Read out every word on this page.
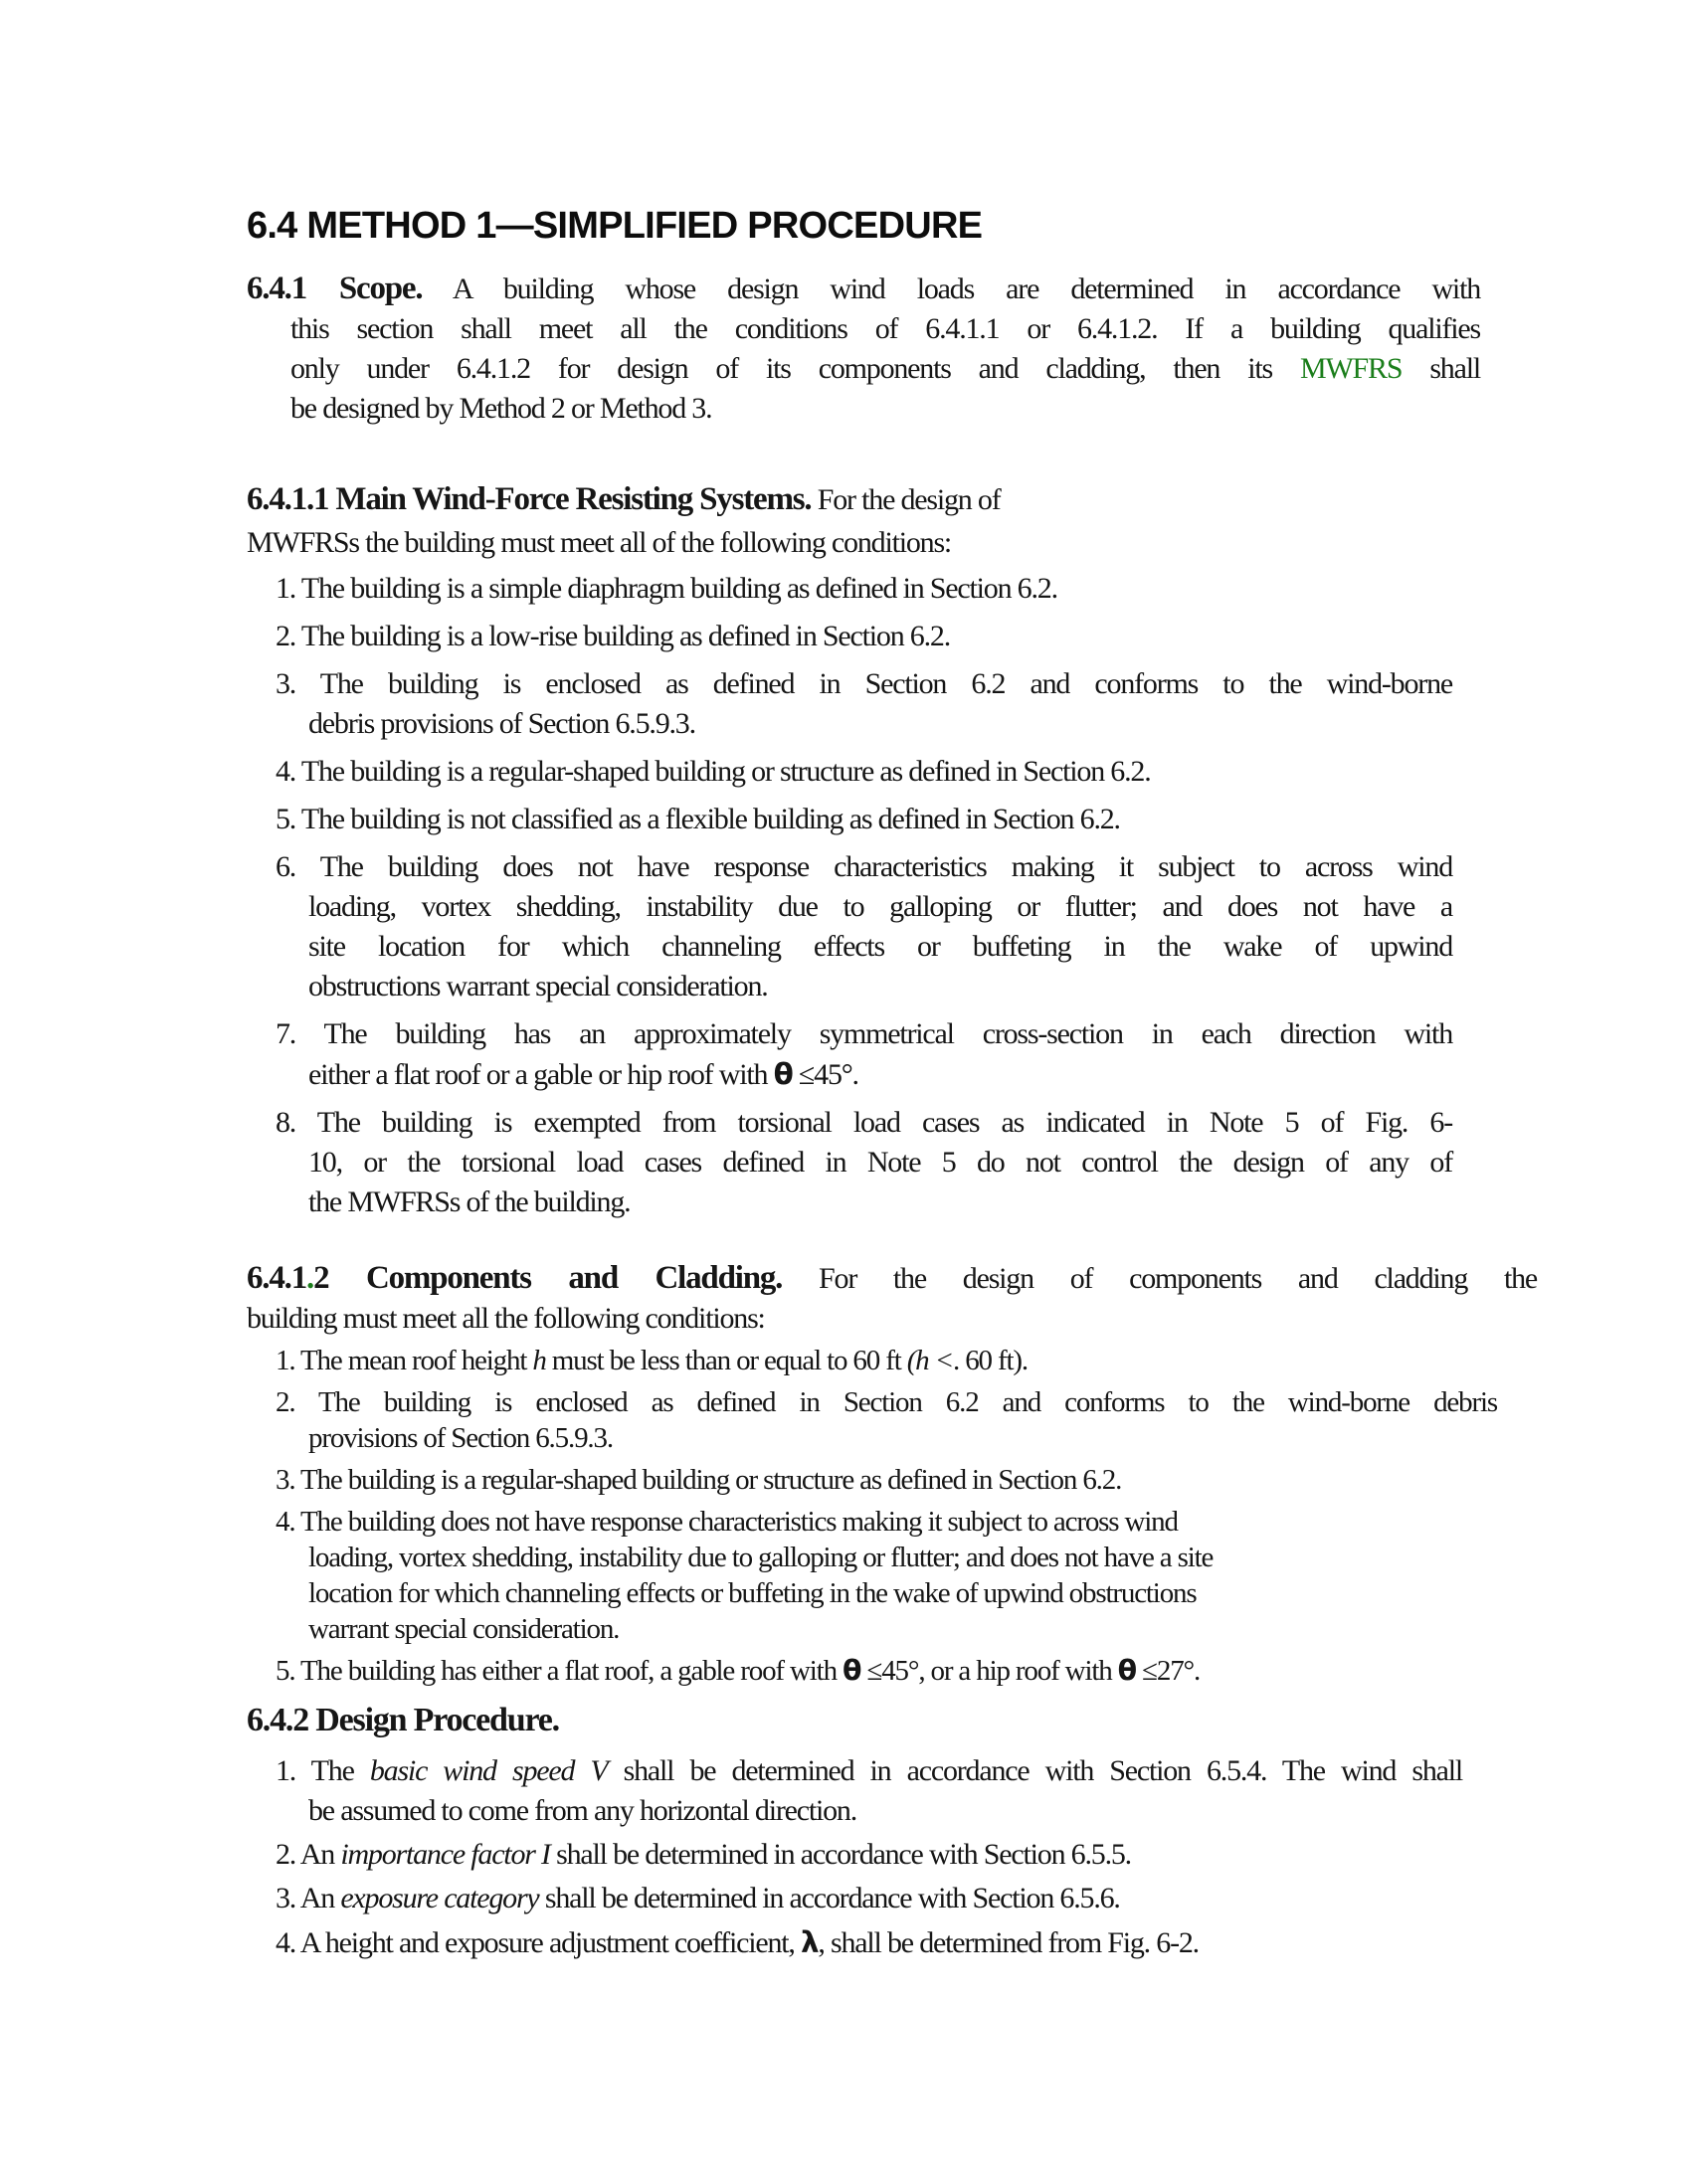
6.4 METHOD 1—SIMPLIFIED PROCEDURE
6.4.1 Scope. A building whose design wind loads are determined in accordance with
this section shall meet all the conditions of 6.4.1.1 or 6.4.1.2. If a building qualifies
only under 6.4.1.2 for design of its components and cladding, then its MWFRS shall
be designed by Method 2 or Method 3.
6.4.1.1 Main Wind-Force Resisting Systems. For the design of
MWFRSs the building must meet all of the following conditions:
1. The building is a simple diaphragm building as defined in Section 6.2.
2. The building is a low-rise building as defined in Section 6.2.
3. The building is enclosed as defined in Section 6.2 and conforms to the wind-borne
debris provisions of Section 6.5.9.3.
4. The building is a regular-shaped building or structure as defined in Section 6.2.
5. The building is not classified as a flexible building as defined in Section 6.2.
6. The building does not have response characteristics making it subject to across wind
loading, vortex shedding, instability due to galloping or flutter; and does not have a
site location for which channeling effects or buffeting in the wake of upwind
obstructions warrant special consideration.
7. The building has an approximately symmetrical cross-section in each direction with
either a flat roof or a gable or hip roof with θ ≤45°.
8. The building is exempted from torsional load cases as indicated in Note 5 of Fig. 6-
10, or the torsional load cases defined in Note 5 do not control the design of any of
the MWFRSs of the building.
6.4.1.2 Components and Cladding. For the design of components and cladding the
building must meet all the following conditions:
1. The mean roof height h must be less than or equal to 60 ft (h <. 60 ft).
2. The building is enclosed as defined in Section 6.2 and conforms to the wind-borne debris
provisions of Section 6.5.9.3.
3. The building is a regular-shaped building or structure as defined in Section 6.2.
4. The building does not have response characteristics making it subject to across wind
loading, vortex shedding, instability due to galloping or flutter; and does not have a site
location for which channeling effects or buffeting in the wake of upwind obstructions
warrant special consideration.
5. The building has either a flat roof, a gable roof with θ ≤45°, or a hip roof with θ ≤27°.
6.4.2 Design Procedure.
1. The basic wind speed V shall be determined in accordance with Section 6.5.4. The wind shall
be assumed to come from any horizontal direction.
2. An importance factor I shall be determined in accordance with Section 6.5.5.
3. An exposure category shall be determined in accordance with Section 6.5.6.
4. A height and exposure adjustment coefficient, λ, shall be determined from Fig. 6-2.
